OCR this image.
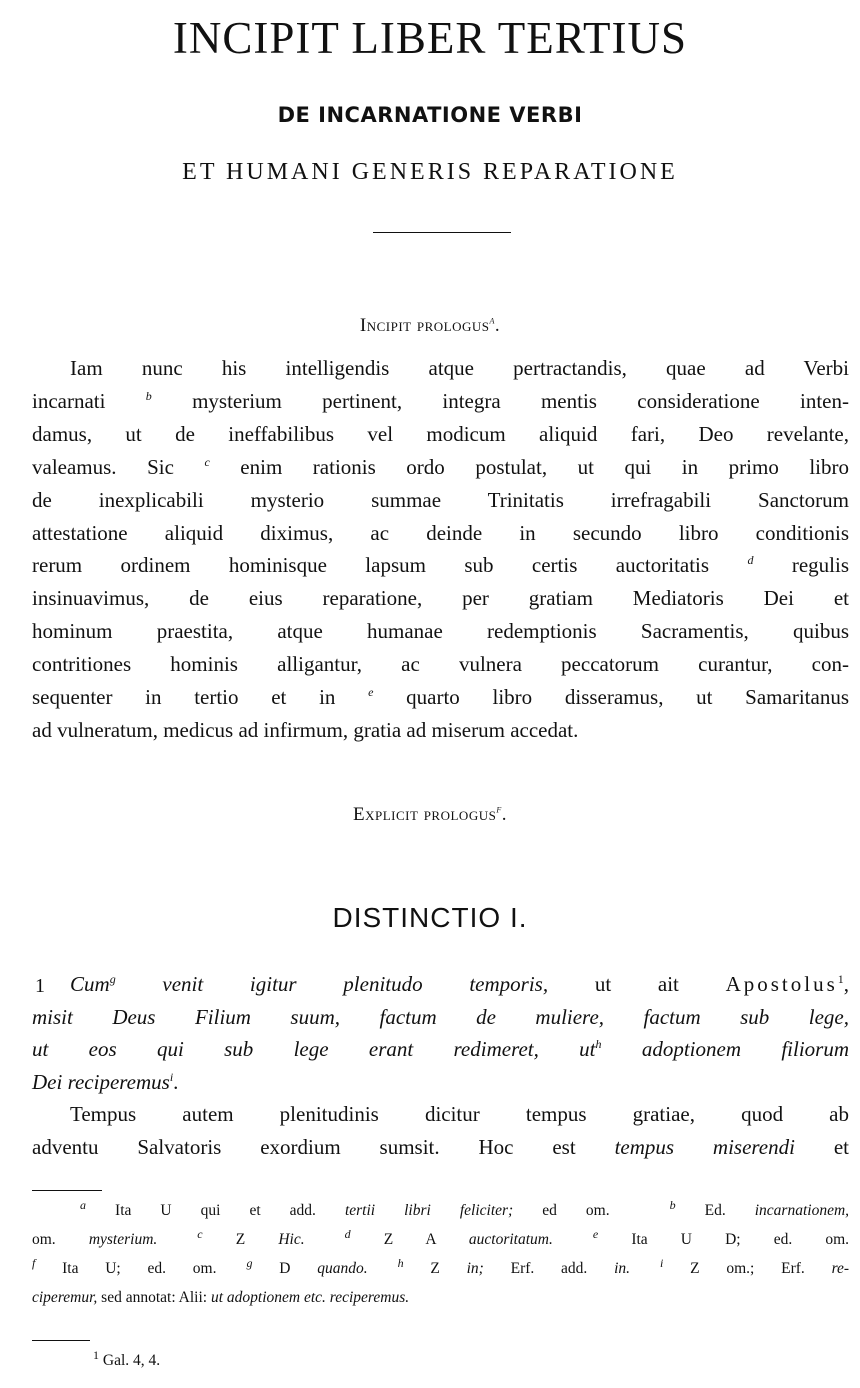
INCIPIT LIBER TERTIUS
DE INCARNATIONE VERBI
ET HUMANI GENERIS REPARATIONE
Incipit prologus$^a$.
Iam nunc his intelligendis atque pertractandis, quae ad Verbi
incarnati $^b$ mysterium pertinent, integra mentis consideratione inten-
damus, ut de ineffabilibus vel modicum aliquid fari, Deo revelante,
valeamus. Sic $^c$ enim rationis ordo postulat, ut qui in primo libro
de inexplicabili mysterio summae Trinitatis irrefragabili Sanctorum
attestatione aliquid diximus, ac deinde in secundo libro conditionis
rerum ordinem hominisque lapsum sub certis auctoritatis $^d$ regulis
insinuavimus, de eius reparatione, per gratiam Mediatoris Dei et
hominum praestita, atque humanae redemptionis Sacramentis, quibus
contritiones hominis alligantur, ac vulnera peccatorum curantur, con-
sequenter in tertio et in $^e$ quarto libro disseramus, ut Samaritanus
ad vulneratum, medicus ad infirmum, gratia ad miserum accedat.
Explicit prologus$^f$.
DISTINCTIO I.
1	Cum$^g$ venit igitur plenitudo temporis, ut ait Apostolus$^1$,
misit Deus Filium suum, factum de muliere, factum sub lege,
ut eos qui sub lege erant redimeret, $ut^h$ adoptionem filiorum
Dei reciperemus$^i$.
Tempus autem plenitudinis dicitur tempus gratiae, quod ab
adventu Salvatoris exordium sumsit. Hoc est tempus miserendi et
$^a$ Ita U qui et add. tertii libri feliciter; ed om.	$^b$ Ed. incarnationem,
om. mysterium.	$^c$ Z Hic.	$^d$ Z A auctoritatum.	$^e$ Ita U D; ed. om.
$^f$ Ita U; ed. om.	$^g$ D quando.	$^h$ Z in; Erf. add. in.	$^i$ Z om.; Erf. re-
ciperemur, sed annotat: Alii: ut adoptionem etc. reciperemus.
$^1$ Gal. 4, 4.
